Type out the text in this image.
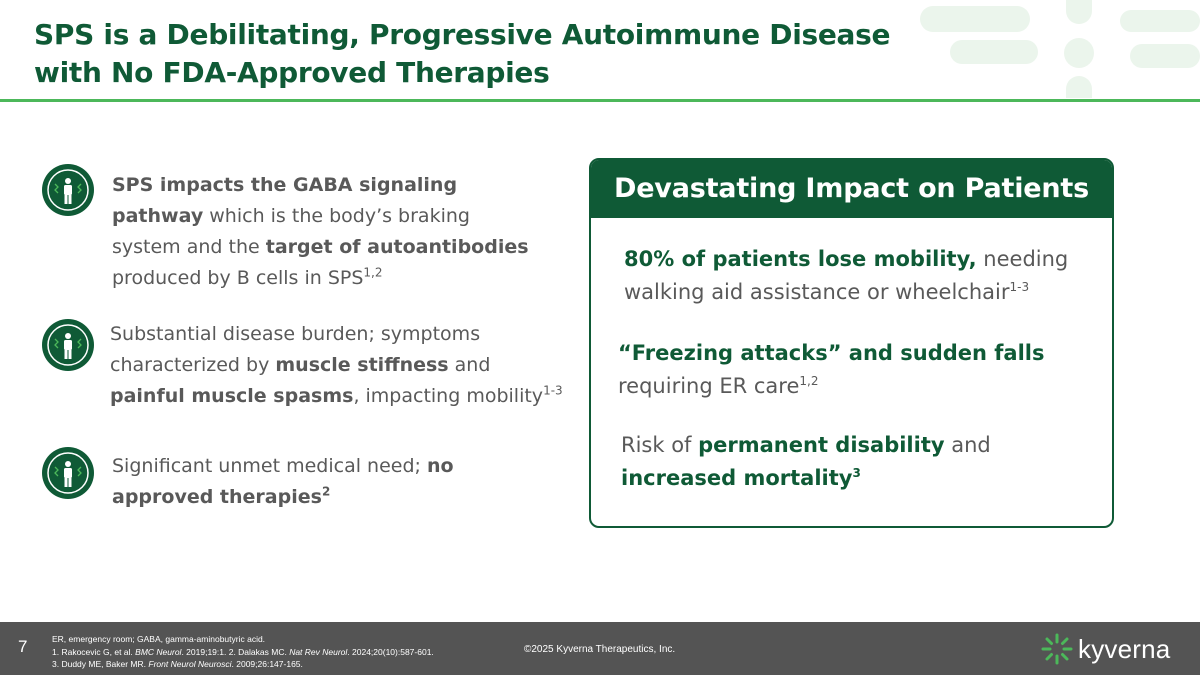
SPS is a Debilitating, Progressive Autoimmune Disease
with No FDA-Approved Therapies
SPS impacts the GABA signaling
pathway which is the body’s braking
system and the target of autoantibodies
produced by B cells in SPS$^{1,2}$
Substantial disease burden; symptoms
characterized by muscle stiffness and
painful muscle spasms, impacting mobility$^{1-3}$
Significant unmet medical need; no
approved therapies$^2$
Devastating Impact on Patients
80% of patients lose mobility, needing
walking aid assistance or wheelchair$^{1-3}$
“Freezing attacks” and sudden falls
requiring ER care$^{1,2}$
Risk of permanent disability and
increased mortality$^3$
7	ER, emergency room; GABA, gamma-aminobutyric acid.
1. Rakocevic G, et al. BMC Neurol. 2019;19:1. 2. Dalakas MC. Nat Rev Neurol. 2024;20(10):587-601.
3. Duddy ME, Baker MR. Front Neurol Neurosci. 2009;26:147-165.
©2025 Kyverna Therapeutics, Inc.	kyverna
